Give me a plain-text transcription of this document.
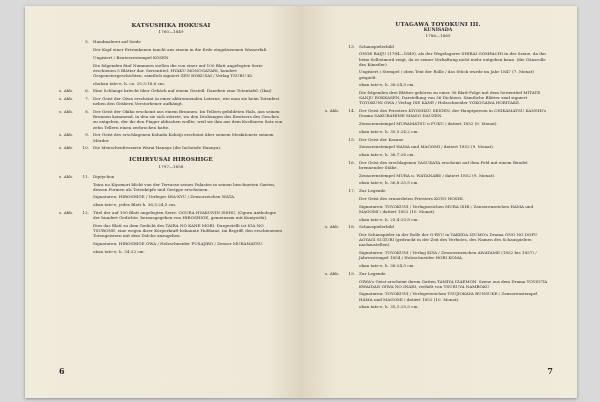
KATSUSHIKA HOKUSAI
1760—1849
5. Handmalerei auf Seide
Der Kopf einer Ertrunkenen taucht aus einem in die Erde eingelassenen Wasserfaß.
Ungisiert / Beuteszestempel KOSEN
Die folgenden fünf Nummern stellen die von einer auf 100 Blatt angelegten Serie erschienen 5 Blätter dar. Serientitel: HYAKU MONOGATARI, hundert Gespenstergeschichten, sämtlich signiert ZEN HOKUSAI / Verlag TSURU KI.
chuban tate-e, h. ca. 25,5:18,6 cm.
s. Abb.	6. Eine Schlange kriecht über Gebäck auf einem Gestell. Daneben eine Totentafel. (Ihai)
s. Abb.	7. Der Geist der Oiwa erscheint in einer abbrennenden Laterne, wie man sie beim Totenfest neben den Gräbern Verstorbener aufhängt.
s. Abb.	8. Der Geist der Okiku erscheint aus einem Brunnen. Im Tellern gebildeten Hals, aus seinen Brunnen kommend, in den sie sich stürzte, wo den Drohungen des Besitzers des Gesches zu entgehen, der ihr den Finger abhacken wollte, weil sie ihm aus dem Kostbaren Satz von zehn Tellern einen zerbrochen hatte.
s. Abb.	9. Der Geist des erschlagenen Kohada Koheiji erscheint über seinem Moskitonetz seinem Mörder.
s. Abb.	10. Die Menschenfresserin Warai Hannya (die lachende Hannya).
ICHIRYUSAI HIROSHIGE
1797—1858
s. Abb.	11. Diptychon
Taira no Kiyomori blickt von der Terrasse seines Palastes in seinen beschneiten Garten, dessen Formen als Totenköpfe und Gerippe erscheinen.
Signaturen: HIROSHIGE / Verleger IHA-KYU / Zensorzeichen WATA.
oban tate-e, jedes Blatt h. 36,5:24,5 cm.
s. Abb.	12. Titel der auf 100 Blatt angelegten Serie: OGURA HYAKUNIN ISSHU, (Ogura Anthologie der hundert Gedichte, herausgegeben von HIROSHIGE, gemeinsam mit Kuniyoshi).
Dies das Blatt zu dem Gedicht des TAIRA NO KANE MORI. Dargestellt ist IGA NO TSUBONE, eine wegen ihrer Körperkraft bekannte Hofdame, im Begriff, den erschienenen Totengeistern mit dem Dolche anzugehen.
Signaturen: HIROSHIGE GWA / Holzschneider FUSAJIRO / Zensor MURAMATSU.
oban tate-e, h. 34:22 cm.
6
UTAGAWA TOYOKUNI III.
KUNISADA
1786—1865
13. Schauspielerbild
ONOE BAIJU (1784—1849), als der Wegelagerer SHIRAI GOMPACHI in der Szene, da ihn beim Selbstmord zeigt, da er seiner Verhaftung nicht mehr entgehen kann. (die Gänsrolle des Künstler)
Ungisiert / Stempel / oben Text der Rolle / das Stück wurde im Jahr 1847 (7. Monat) gespielt.
oban tate-e, h. 36:24,5 cm.
Die folgenden drei Blätter gehören zu einer 36 Blatt-Folge mit dem Serientitel MITATE SANJU ROKKASEN, Darstellung von 36 Dichtern. Sämtliche Blätter sind signiert TOYOKUNI GWA / Verlag ISE KANE / Holzschneider YOKOGAWA HORITAKE.
s. Abb.	14. Der Geist des Priesters KIYOMIZU SEIGEN, der Hauptperson in CHIKAMATSU KANSHI's Drama SAKURAHIME MIASO DAUZEN.
Zensorenstempel MURAMATSU u FUKU / datiert 1852 (9. Monat).
oban tate-e, h. 35,5:24,2 cm.
15. Der Geist der Kasane
Zensorenstempel HAMA und MAGOMI / datiert 1852 (9. Monat).
oban tate-e, h. 36,7:26 cm.
16. Der Geist des erschlagenen YASUKATA erscheint auf dem Feld mit einem Bündel brennender Stäbe.
Zensorenstempel MURA u. WATANABE / datiert 1852 (9. Monat).
oban tate-e, h. 36,8:25,5 cm.
17. Zur Legende
Der Geist des ermordeten Priesters KOYO HOSHI.
Signaturen: TOYOKUNI / Verlagszeichen MURA ISHI / Zensorenzeichen HAMA und MAGOMI / datiert 1852 (10. Monat).
oban tate-e, h. 25,4:25,8 cm.
s. Abb.	18. Schauspielerbild
Der Schauspieler in der Rolle der O-RYU in TAKEDA IZUMO's Drama ONO NO DOFU AOYAGI SUZURI (gedruckt in der Zeit des Verbotes, des Namen des Schauspielers nachzustellen).
Signaturen: TOYOKUNI / Verlag KIYA / Zensorenzeichen AWATAME (1852 bis 1857) / Jahresstempel 1854 / Holzschneider HORI KOMA.
oban tate-e, h. 36:24,5 cm.
s. Abb.	19. Zur Legende
OIWA's Geist erscheint ihrem Gatten TAMIYA IZAEMON. Szene aus dem Drama TOYSUTA KWAIDAN OIWA NO INARI, verfaßt von TSURUYA NAMBOKU.
Signaturen: TOYOKUNI / Verlegerzeichen TSUJIOKAYA BUNSUKE / Zensorenstempel HAMA und MAGOMI / datiert 1852 (10. Monat).
oban tate-e, h. 35,1:25,5 cm.
7
